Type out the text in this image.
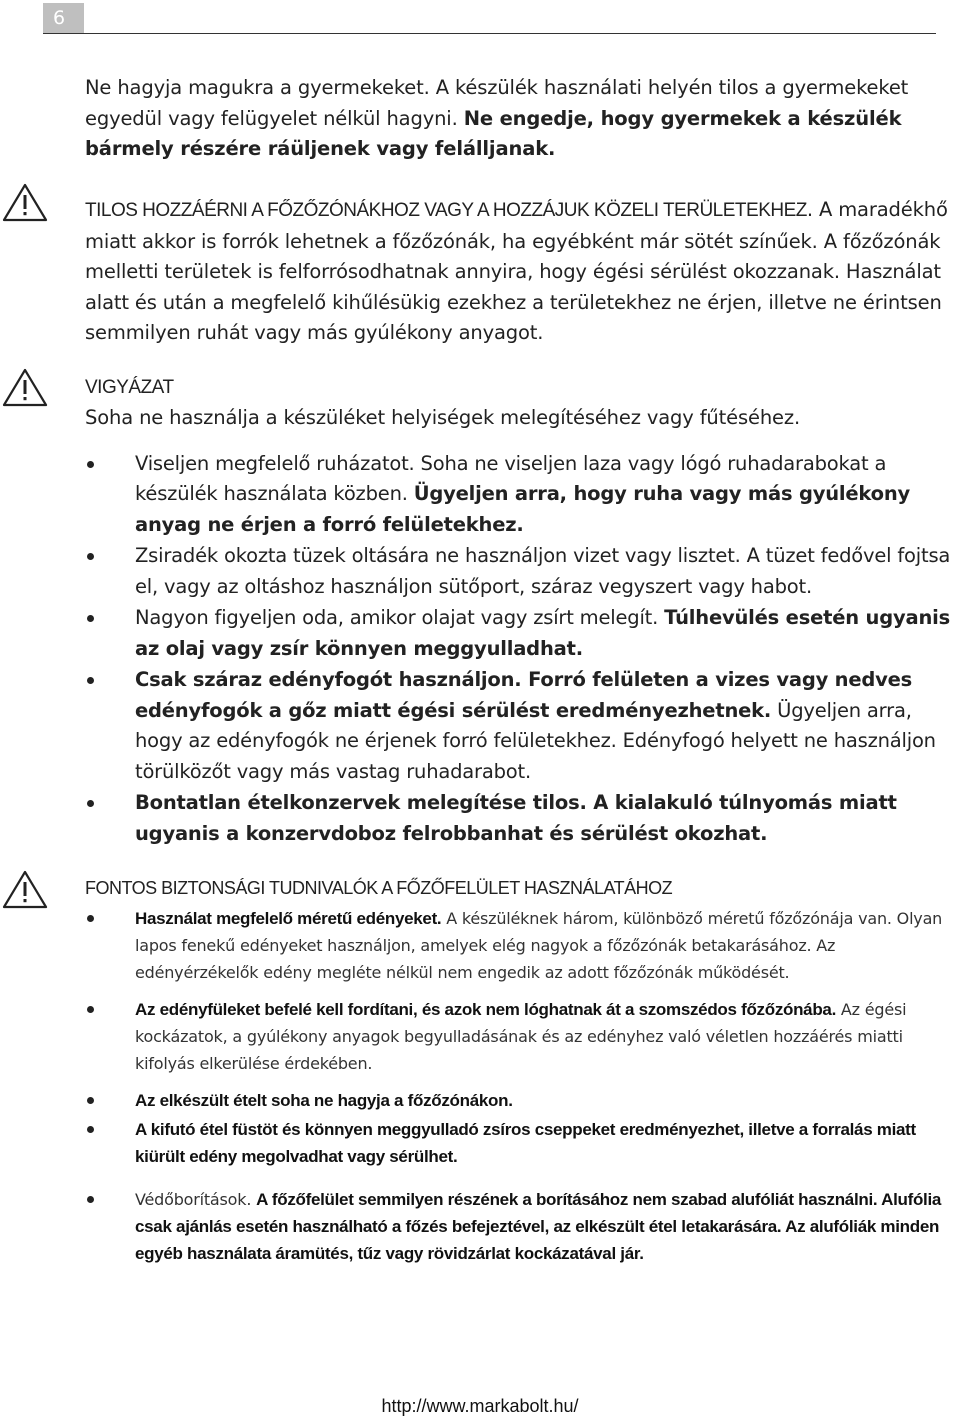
6

Ne hagyja magukra a gyermekeket. A készülék használati helyén tilos a gyermekeket egyedül vagy felügyelet nélkül hagyni. Ne engedje, hogy gyermekek a készülék bármely részére ráüljenek vagy felálljanak.

TILOS HOZZÁÉRNI A FŐZŐZÓNÁKHOZ VAGY A HOZZÁJUK KÖZELI TERÜLETEKHEZ. A maradékhő miatt akkor is forrók lehetnek a főzőzónák, ha egyébként már sötét színűek. A főzőzónák melletti területek is felforrósodhatnak annyira, hogy égési sérülést okozzanak. Használat alatt és után a megfelelő kihűlésükig ezekhez a területekhez ne érjen, illetve ne érintsen semmilyen ruhát vagy más gyúlékony anyagot.

VIGYÁZAT

Soha ne használja a készüléket helyiségek melegítéséhez vagy fűtéséhez.

Viseljen megfelelő ruházatot. Soha ne viseljen laza vagy lógó ruhadarabokat a készülék használata közben. Ügyeljen arra, hogy ruha vagy más gyúlékony anyag ne érjen a forró felületekhez.
Zsiradék okozta tüzek oltására ne használjon vizet vagy lisztet. A tüzet fedővel fojtsa el, vagy az oltáshoz használjon sütőport, száraz vegyszert vagy habot.
Nagyon figyeljen oda, amikor olajat vagy zsírt melegít. Túlhevülés esetén ugyanis az olaj vagy zsír könnyen meggyulladhat.
Csak száraz edényfogót használjon. Forró felületen a vizes vagy nedves edényfogók a gőz miatt égési sérülést eredményezhetnek. Ügyeljen arra, hogy az edényfogók ne érjenek forró felületekhez. Edényfogó helyett ne használjon törülközőt vagy más vastag ruhadarabot.
Bontatlan ételkonzervek melegítése tilos. A kialakuló túlnyomás miatt ugyanis a konzervdoboz felrobbanhat és sérülést okozhat.

FONTOS BIZTONSÁGI TUDNIVALÓK A FŐZŐFELÜLET HASZNÁLATÁHOZ

Használat megfelelő méretű edényeket. A készüléknek három, különböző méretű főzőzónája van. Olyan lapos fenekű edényeket használjon, amelyek elég nagyok a főzőzónák betakarásához. Az edényérzékelők edény megléte nélkül nem engedik az adott főzőzónák működését.
Az edényfüleket befelé kell fordítani, és azok nem lóghatnak át a szomszédos főzőzónába. Az égési kockázatok, a gyúlékony anyagok begyulladásának és az edényhez való véletlen hozzáérés miatti kifolyás elkerülése érdekében.
Az elkészült ételt soha ne hagyja a főzőzónákon.
A kifutó étel füstöt és könnyen meggyulladó zsíros cseppeket eredményezhet, illetve a forralás miatt kiürült edény megolvadhat vagy sérülhet.
Védőborítások. A főzőfelület semmilyen részének a borításához nem szabad alufóliát használni. Alufólia csak ajánlás esetén használható a főzés befejeztével, az elkészült étel letakarására. Az alufóliák minden egyéb használata áramütés, tűz vagy rövidzárlat kockázatával jár.
http://www.markabolt.hu/
